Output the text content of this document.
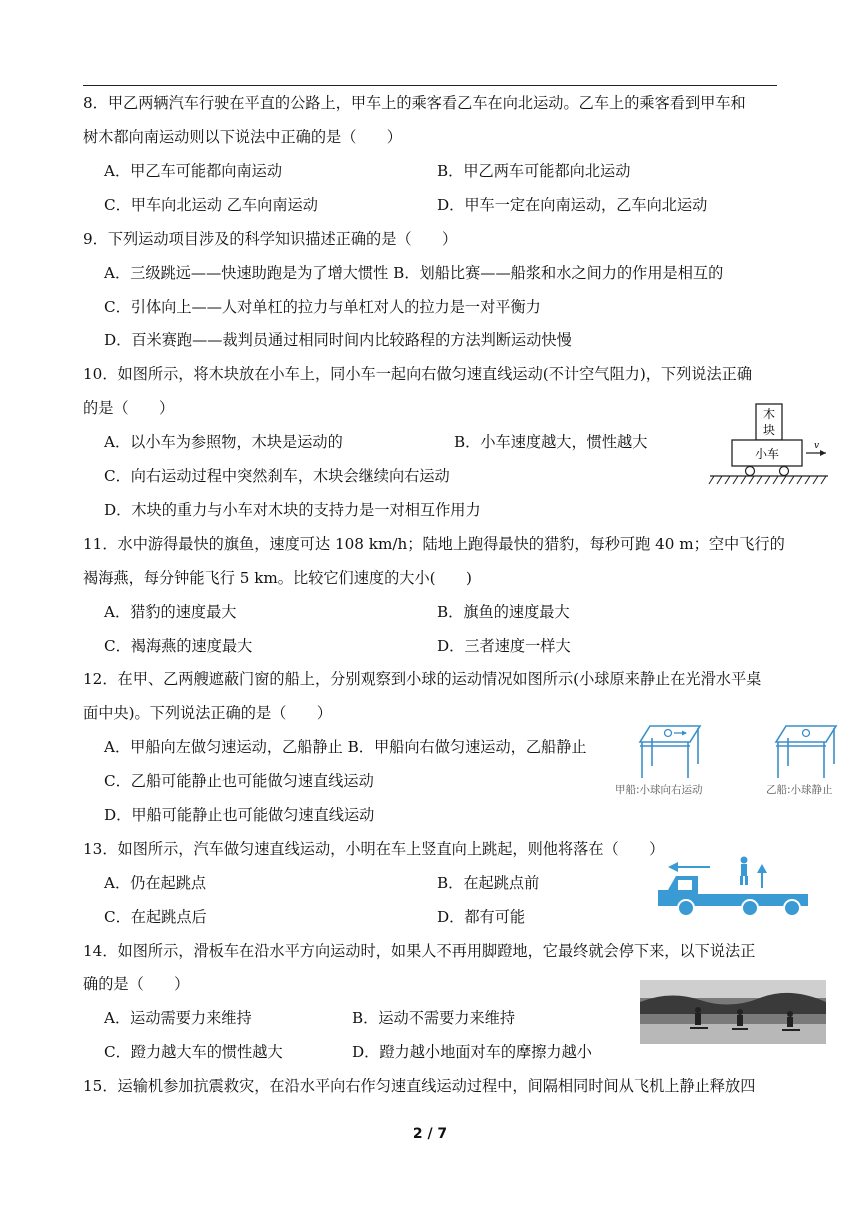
8．甲乙两辆汽车行驶在平直的公路上，甲车上的乘客看乙车在向北运动。乙车上的乘客看到甲车和
树木都向南运动则以下说法中正确的是（　　）
A．甲乙车可能都向南运动	B．甲乙两车可能都向北运动
C．甲车向北运动 乙车向南运动	D．甲车一定在向南运动，乙车向北运动
9．下列运动项目涉及的科学知识描述正确的是（　　）
A．三级跳远——快速助跑是为了增大惯性 B．划船比赛——船浆和水之间力的作用是相互的
C．引体向上——人对单杠的拉力与单杠对人的拉力是一对平衡力
D．百米赛跑——裁判员通过相同时间内比较路程的方法判断运动快慢
10．如图所示，将木块放在小车上，同小车一起向右做匀速直线运动(不计空气阻力)，下列说法正确
的是（　　）
A．以小车为参照物，木块是运动的	B．小车速度越大，惯性越大
C．向右运动过程中突然刹车，木块会继续向右运动
D．木块的重力与小车对木块的支持力是一对相互作用力
木
块
小车
v
11．水中游得最快的旗鱼，速度可达 108 km/h；陆地上跑得最快的猎豹，每秒可跑 40 m；空中飞行的
褐海燕，每分钟能飞行 5 km。比较它们速度的大小(　　)
A．猎豹的速度最大	B．旗鱼的速度最大
C．褐海燕的速度最大	D．三者速度一样大
12．在甲、乙两艘遮蔽门窗的船上，分别观察到小球的运动情况如图所示(小球原来静止在光滑水平桌
面中央)。下列说法正确的是（　　）
A．甲船向左做匀速运动，乙船静止 B．甲船向右做匀速运动，乙船静止
C．乙船可能静止也可能做匀速直线运动
D．甲船可能静止也可能做匀速直线运动
甲船:小球向右运动	乙船:小球静止
13．如图所示，汽车做匀速直线运动，小明在车上竖直向上跳起，则他将落在（　　）
A．仍在起跳点	B．在起跳点前
C．在起跳点后	D．都有可能
14．如图所示，滑板车在沿水平方向运动时，如果人不再用脚蹬地，它最终就会停下来，以下说法正
确的是（　　）
A．运动需要力来维持	B．运动不需要力来维持
C．蹬力越大车的惯性越大	D．蹬力越小地面对车的摩擦力越小
15．运输机参加抗震救灾，在沿水平向右作匀速直线运动过程中，间隔相同时间从飞机上静止释放四
2 / 7
